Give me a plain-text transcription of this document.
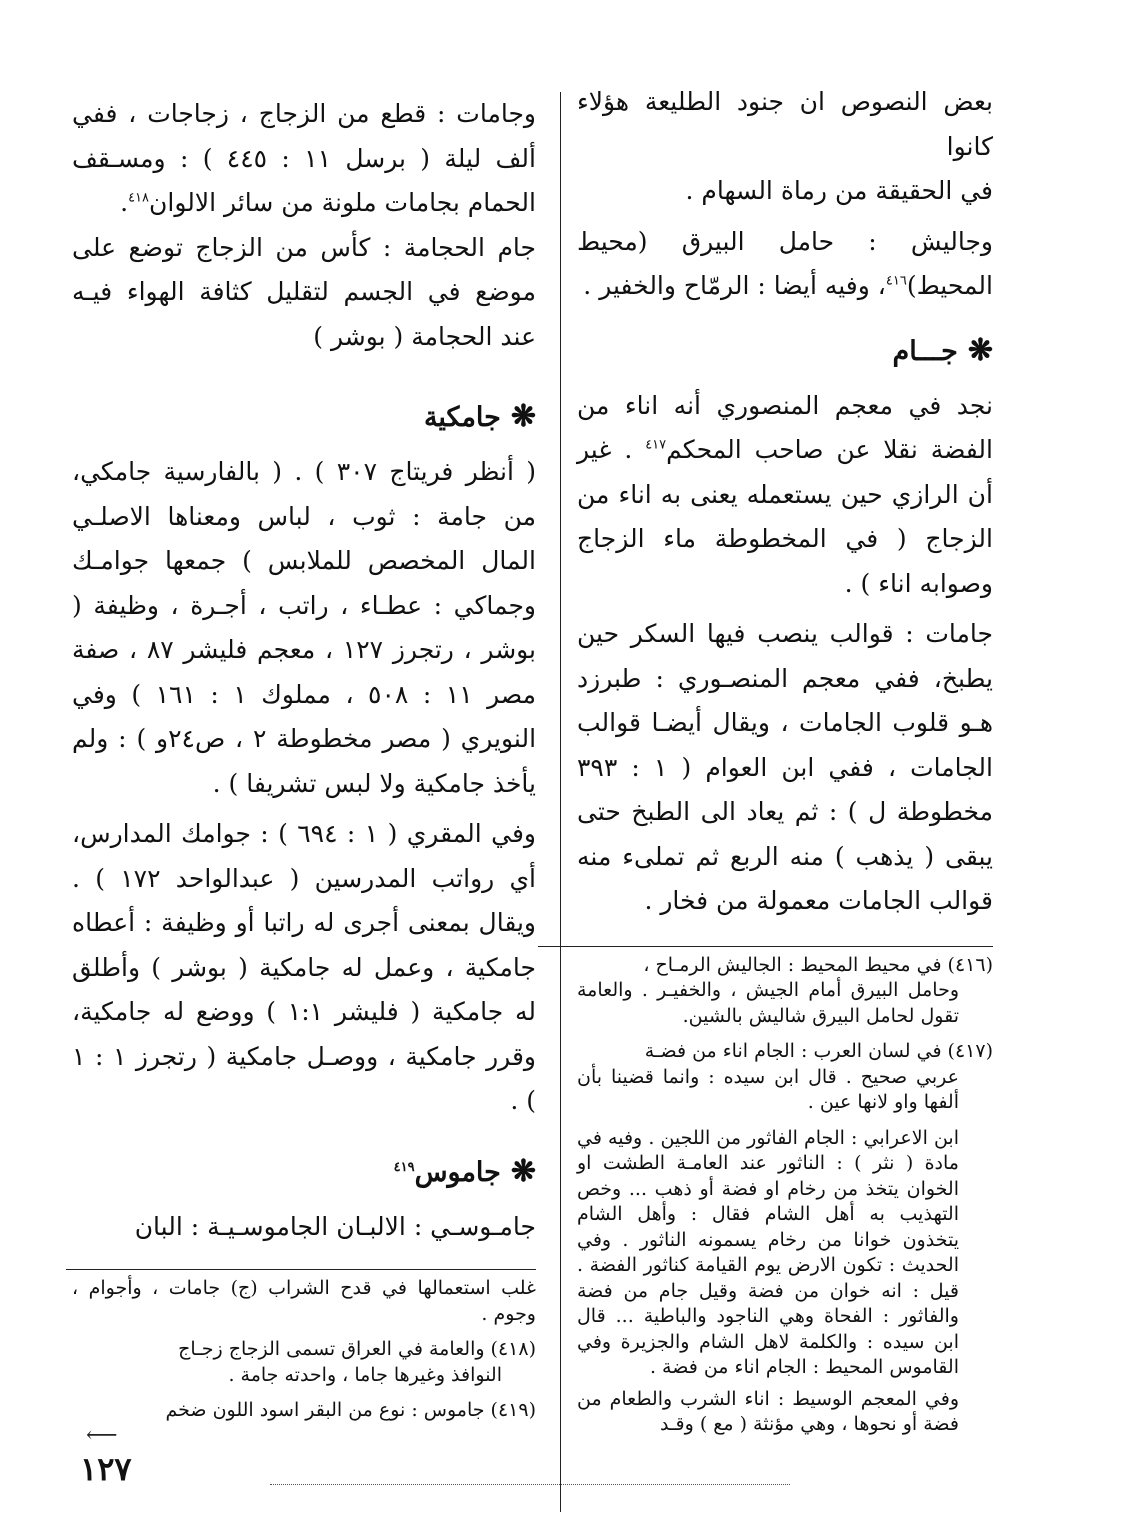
بعض النصوص ان جنود الطليعة هؤلاء كانوا
في الحقيقة من رماة السهام .

وجاليش : حامل البيرق (محيط المحيط)$^{٤١٦}$، وفيه أيضا : الرمّاح والخفير .

❋جـــام

نجد في معجم المنصوري أنه اناء من الفضة نقلا عن صاحب المحكم$^{٤١٧}$ . غير أن الرازي حين يستعمله يعنى به اناء من الزجاج ( في المخطوطة ماء الزجاج وصوابه اناء ) .

جامات : قوالب ينصب فيها السكر حين يطبخ، ففي معجم المنصـوري : طبرزد هـو قلوب الجامات ، ويقال أيضـا قوالب الجامات ، ففي ابن العوام ( ١ : ٣٩٣ مخطوطة ل ) : ثم يعاد الى الطبخ حتى يبقى ( يذهب ) منه الربع ثم تملىء منه قوالب الجامات معمولة من فخار .

(٤١٦)في محيط المحيط : الجاليش الرمـاح ،
وحامل البيرق أمام الجيش ، والخفيـر . والعامة تقول لحامل البيرق شاليش بالشين.

(٤١٧)في لسان العرب : الجام اناء من فضـة
عربي صحيح . قال ابن سيده : وانما قضينا بأن ألفها واو لانها عين .

ابن الاعرابي : الجام الفاثور من اللجين . وفيه في مادة ( نثر ) : الناثور عند العامـة الطشت او الخوان يتخذ من رخام او فضة أو ذهب ... وخص التهذيب به أهل الشام فقال : وأهل الشام يتخذون خوانا من رخام يسمونه الناثور . وفي الحديث : تكون الارض يوم القيامة كناثور الفضة . قيل : انه خوان من فضة وقيل جام من فضة والفاثور : الفحاة وهي الناجود والباطية ... قال ابن سيده : والكلمة لاهل الشام والجزيرة وفي القاموس المحيط : الجام اناء من فضة .

وفي المعجم الوسيط : اناء الشرب والطعام من فضة أو نحوها ، وهي مؤنثة ( مع ) وقـد

وجامات : قطع من الزجاج ، زجاجات ، ففي ألف ليلة ( برسل ١١ : ٤٤٥ ) : ومسـقف الحمام بجامات ملونة من سائر الالوان$^{٤١٨}$.

جام الحجامة : كأس من الزجاج توضع على موضع في الجسم لتقليل كثافة الهواء فيـه عند الحجامة ( بوشر )

❋جامكية

( أنظر فريتاج ٣٠٧ ) . ( بالفارسية جامكي، من جامة : ثوب ، لباس ومعناها الاصلـي المال المخصص للملابس ) جمعها جوامـك وجماكي : عطـاء ، راتب ، أجـرة ، وظيفة ( بوشر ، رتجرز ١٢٧ ، معجم فليشر ٨٧ ، صفة مصر ١١ : ٥٠٨ ، مملوك ١ : ١٦١ ) وفي النويري ( مصر مخطوطة ٢ ، ص٢٤و ) : ولم يأخذ جامكية ولا لبس تشريفا ) .

وفي المقري ( ١ : ٦٩٤ ) : جوامك المدارس، أي رواتب المدرسين ( عبدالواحد ١٧٢ ) . ويقال بمعنى أجرى له راتبا أو وظيفة : أعطاه جامكية ، وعمل له جامكية ( بوشر ) وأطلق له جامكية ( فليشر ١:١ ) ووضع له جامكية، وقرر جامكية ، ووصـل جامكية ( رتجرز ١ : ١ ) .

❋جاموس$^{٤١٩}$

جامـوسـي : الالبـان الجاموسـيـة : البان

غلب استعمالها في قدح الشراب (ج) جامات ، وأجوام ، وجوم .

(٤١٨)والعامة في العراق تسمى الزجاج زجـاج
النوافذ وغيرها جاما ، واحدته جامة .

(٤١٩)جاموس : نوع من البقر اسود اللون ضخم

⟵
١٢٧
